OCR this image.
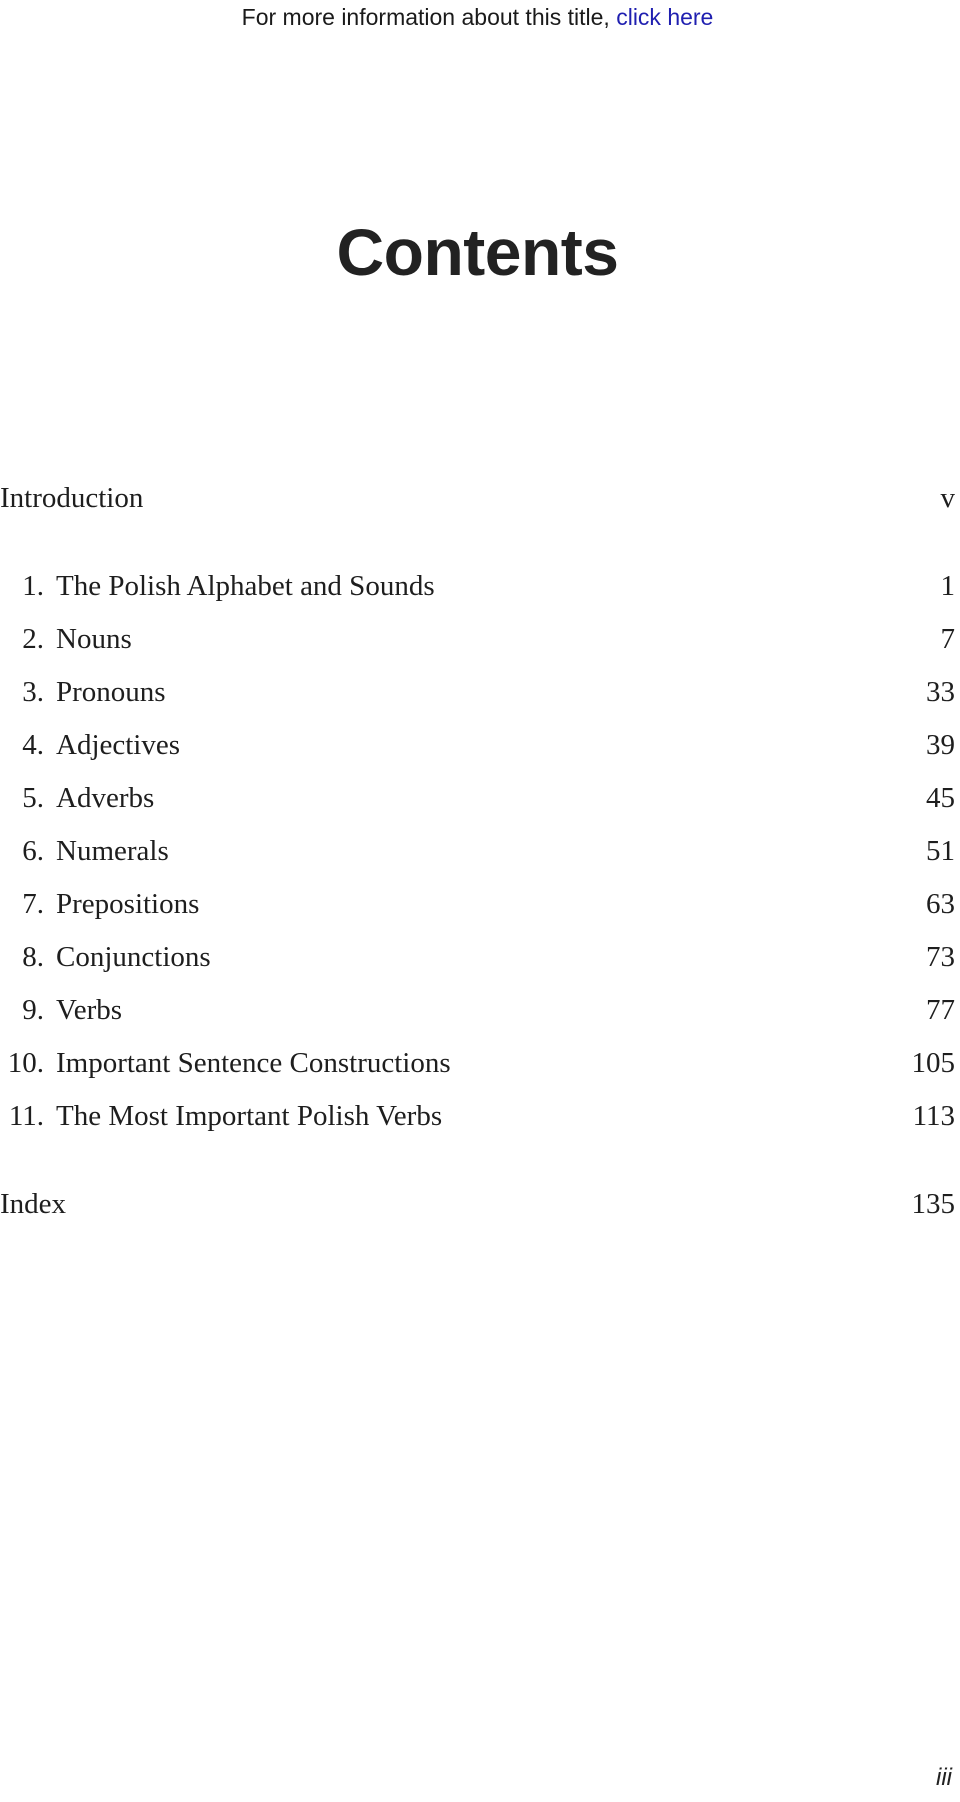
For more information about this title, click here
Contents
Introduction	v
1. The Polish Alphabet and Sounds	1
2. Nouns	7
3. Pronouns	33
4. Adjectives	39
5. Adverbs	45
6. Numerals	51
7. Prepositions	63
8. Conjunctions	73
9. Verbs	77
10. Important Sentence Constructions	105
11. The Most Important Polish Verbs	113
Index	135
iii
